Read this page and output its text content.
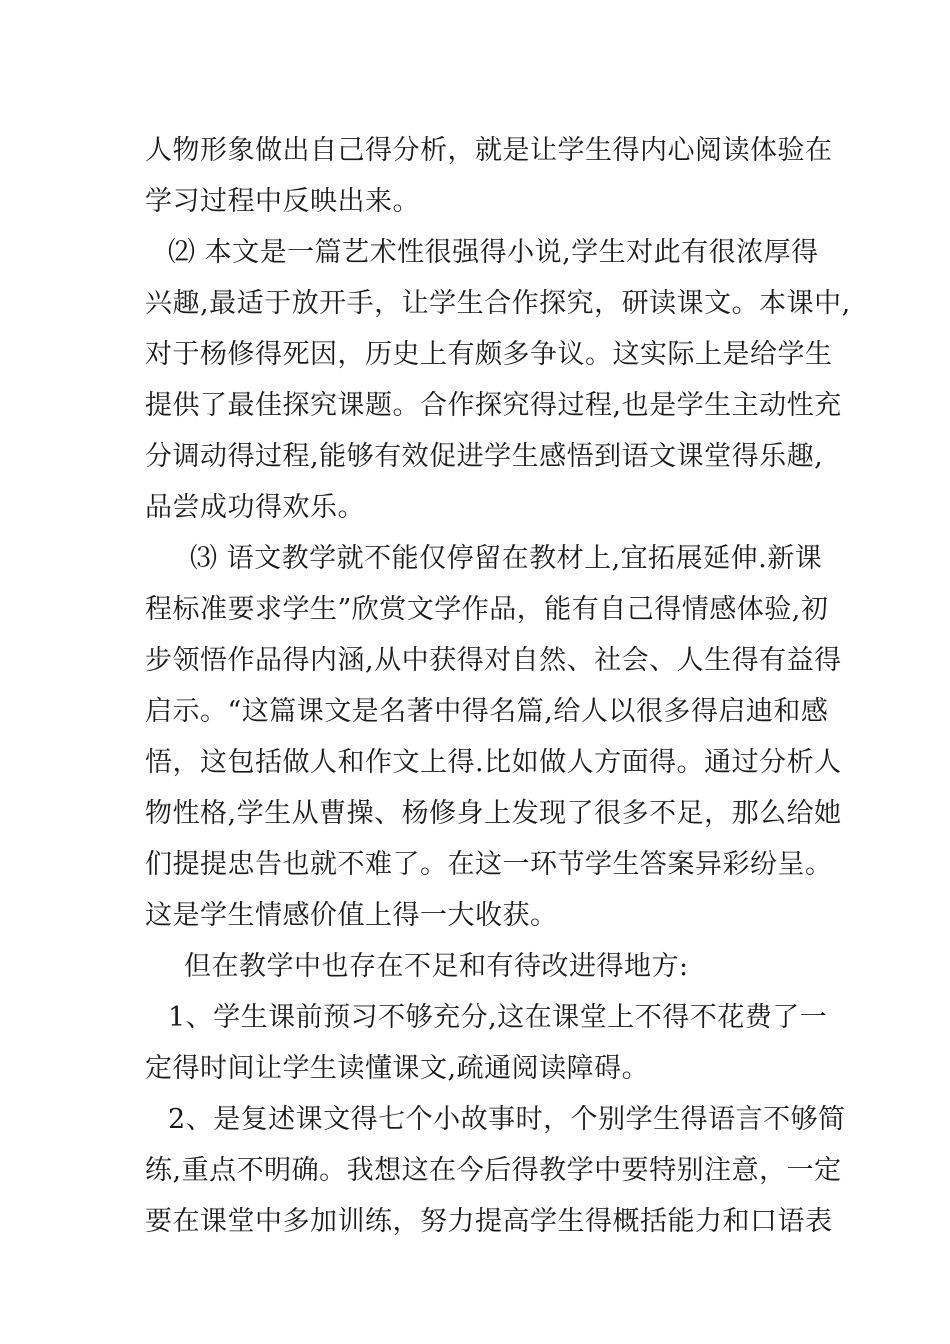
人物形象做出自己得分析，就是让学生得内心阅读体验在
学习过程中反映出来。
⑵ 本文是一篇艺术性很强得小说,学生对此有很浓厚得
兴趣,最适于放开手，让学生合作探究，研读课文。本课中,
对于杨修得死因，历史上有颇多争议。这实际上是给学生
提供了最佳探究课题。合作探究得过程,也是学生主动性充
分调动得过程,能够有效促进学生感悟到语文课堂得乐趣,
品尝成功得欢乐。
⑶ 语文教学就不能仅停留在教材上,宜拓展延伸.新课
程标准要求学生”欣赏文学作品，能有自己得情感体验,初
步领悟作品得内涵,从中获得对自然、社会、人生得有益得
启示。“这篇课文是名著中得名篇,给人以很多得启迪和感
悟，这包括做人和作文上得.比如做人方面得。通过分析人
物性格,学生从曹操、杨修身上发现了很多不足，那么给她
们提提忠告也就不难了。在这一环节学生答案异彩纷呈。
这是学生情感价值上得一大收获。
但在教学中也存在不足和有待改进得地方:
1、学生课前预习不够充分,这在课堂上不得不花费了一
定得时间让学生读懂课文,疏通阅读障碍。
2、是复述课文得七个小故事时，个别学生得语言不够简
练,重点不明确。我想这在今后得教学中要特别注意，一定
要在课堂中多加训练，努力提高学生得概括能力和口语表
